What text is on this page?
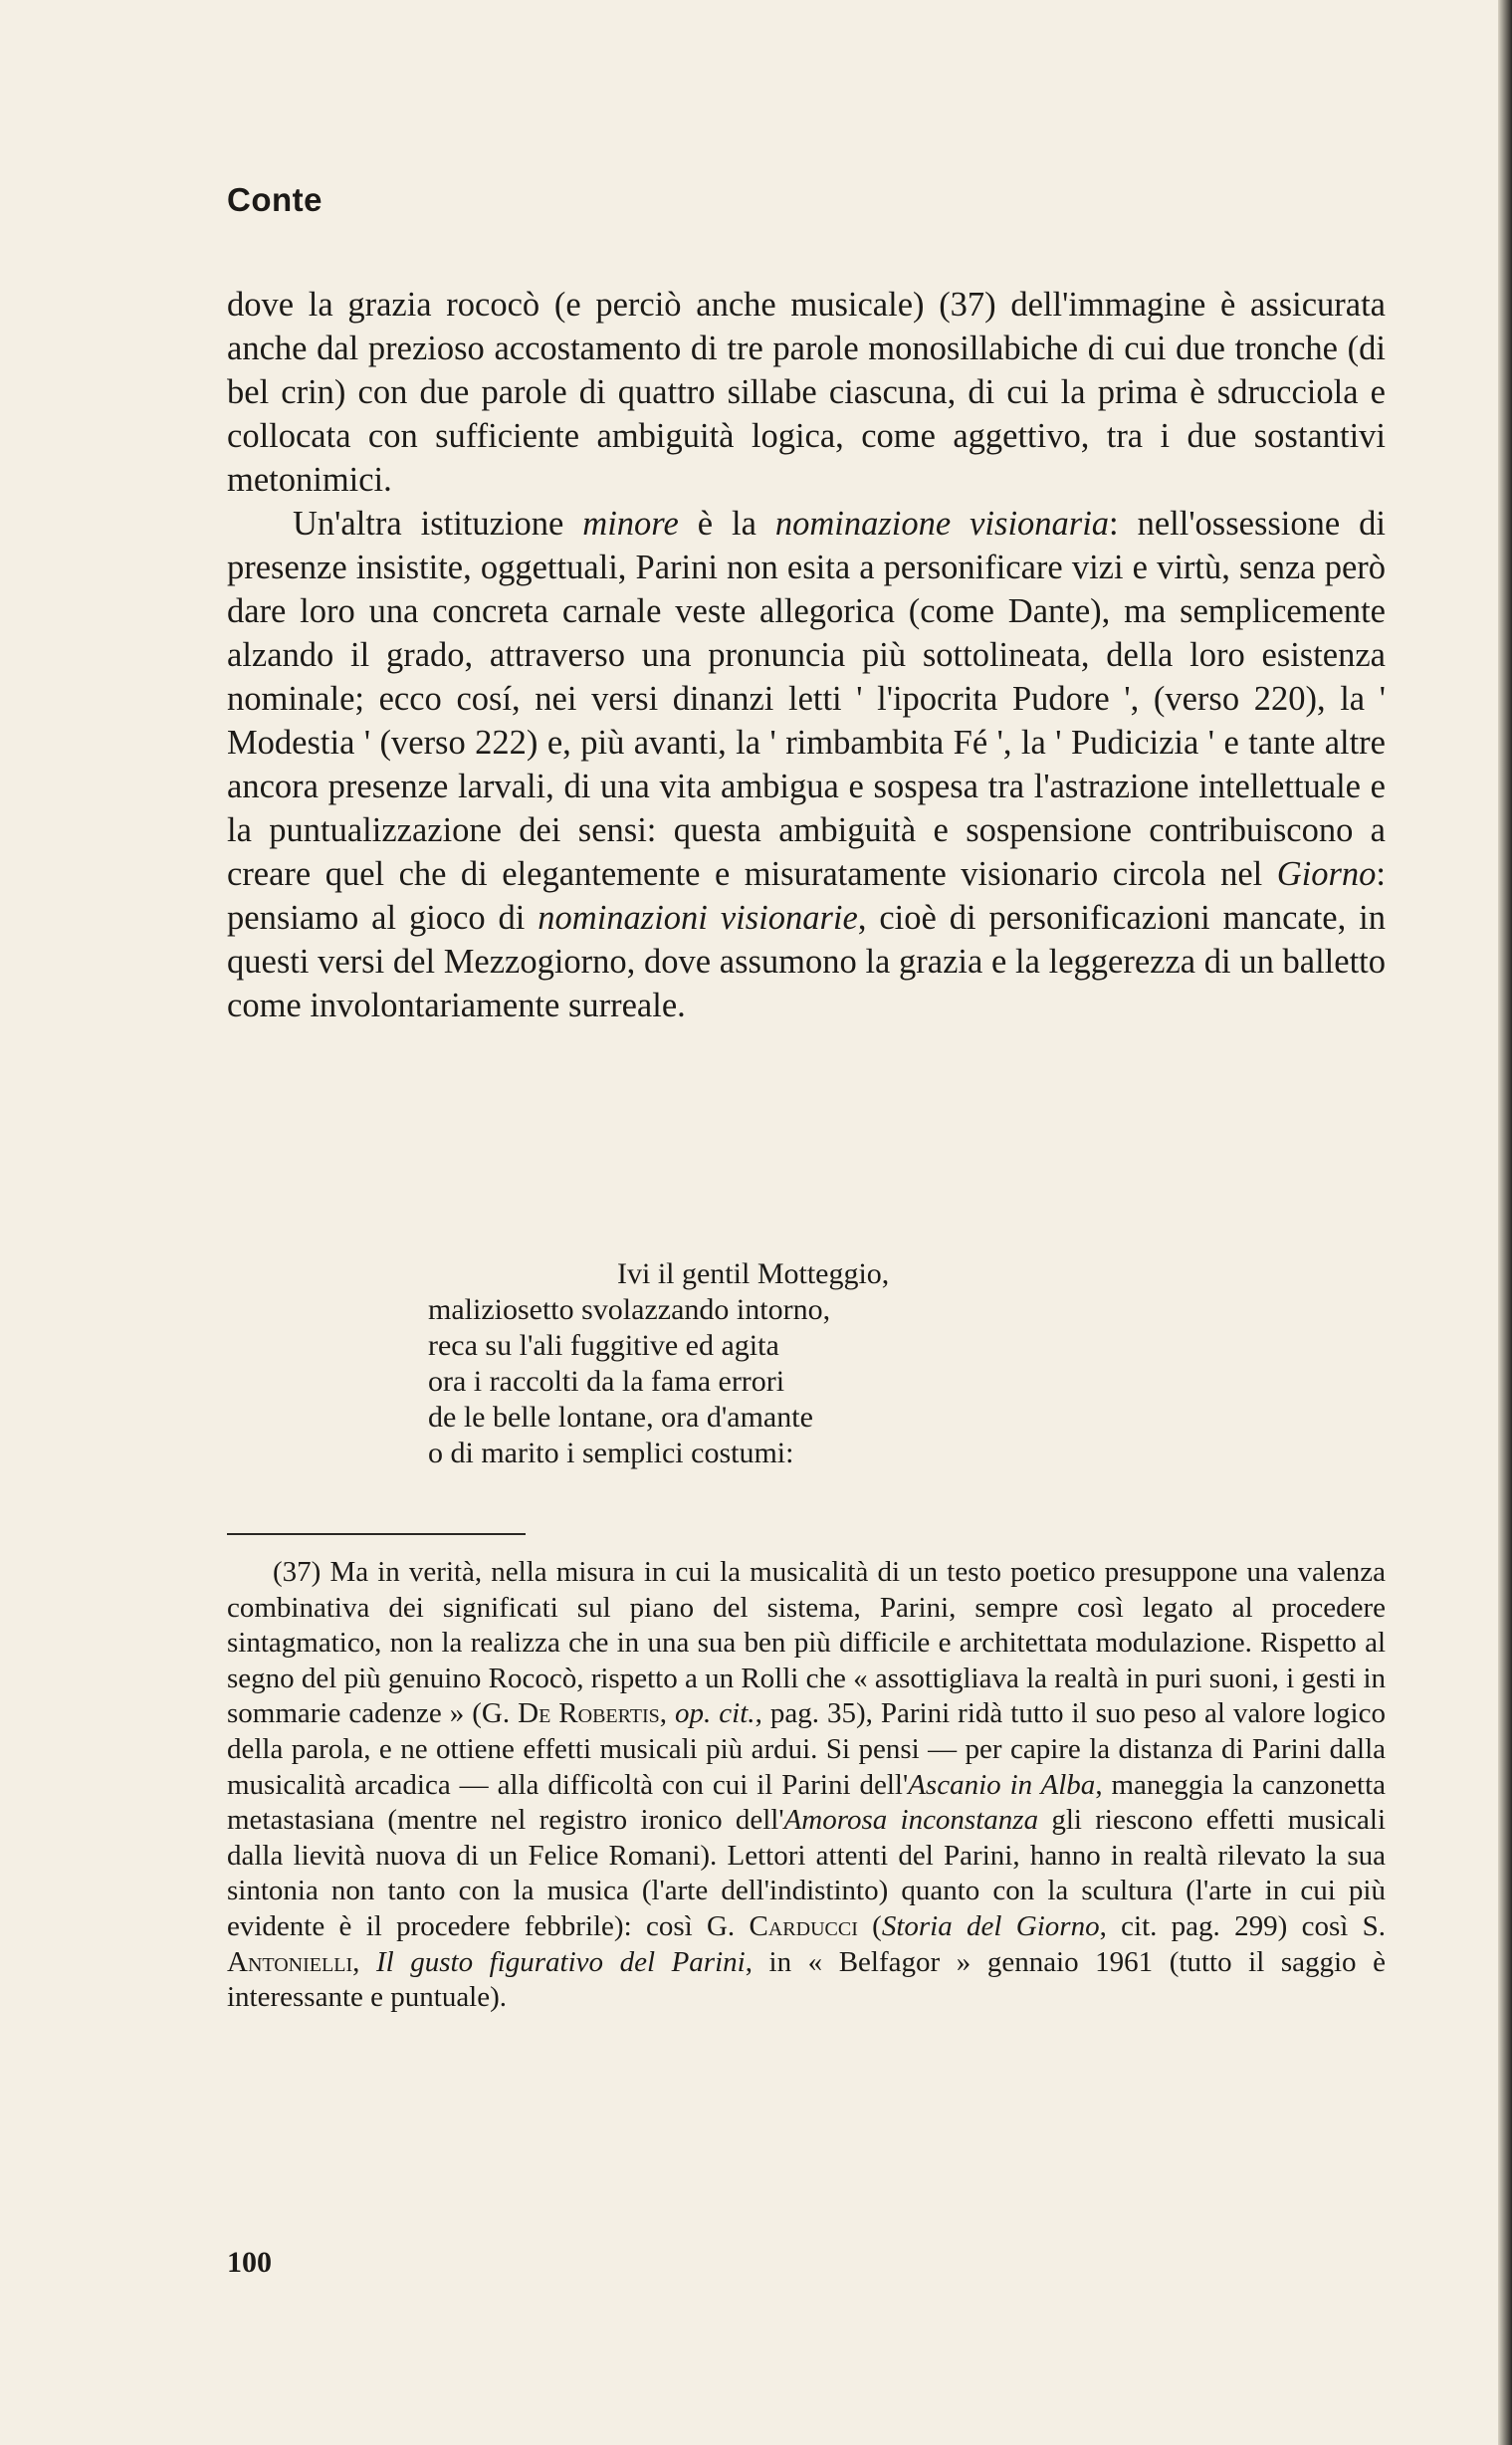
Conte

dove la grazia rococò (e perciò anche musicale) (37) dell'immagine è assicurata anche dal prezioso accostamento di tre parole monosillabiche di cui due tronche (di bel crin) con due parole di quattro sillabe ciascuna, di cui la prima è sdrucciola e collocata con sufficiente ambiguità logica, come aggettivo, tra i due sostantivi metonimici.

Un'altra istituzione minore è la nominazione visionaria: nell'ossessione di presenze insistite, oggettuali, Parini non esita a personificare vizi e virtù, senza però dare loro una concreta carnale veste allegorica (come Dante), ma semplicemente alzando il grado, attraverso una pronuncia più sottolineata, della loro esistenza nominale; ecco cosí, nei versi dinanzi letti ' l'ipocrita Pudore ', (verso 220), la ' Modestia ' (verso 222) e, più avanti, la ' rimbambita Fé ', la ' Pudicizia ' e tante altre ancora presenze larvali, di una vita ambigua e sospesa tra l'astrazione intellettuale e la puntualizzazione dei sensi: questa ambiguità e sospensione contribuiscono a creare quel che di elegantemente e misuratamente visionario circola nel Giorno: pensiamo al gioco di nominazioni visionarie, cioè di personificazioni mancate, in questi versi del Mezzogiorno, dove assumono la grazia e la leggerezza di un balletto come involontariamente surreale.

Ivi il gentil Motteggio,
maliziosetto svolazzando intorno,
reca su l'ali fuggitive ed agita
ora i raccolti da la fama errori
de le belle lontane, ora d'amante
o di marito i semplici costumi:

(37) Ma in verità, nella misura in cui la musicalità di un testo poetico presuppone una valenza combinativa dei significati sul piano del sistema, Parini, sempre così legato al procedere sintagmatico, non la realizza che in una sua ben più difficile e architettata modulazione. Rispetto al segno del più genuino Rococò, rispetto a un Rolli che « assottigliava la realtà in puri suoni, i gesti in sommarie cadenze » (G. De Robertis, op. cit., pag. 35), Parini ridà tutto il suo peso al valore logico della parola, e ne ottiene effetti musicali più ardui. Si pensi — per capire la distanza di Parini dalla musicalità arcadica — alla difficoltà con cui il Parini dell'Ascanio in Alba, maneggia la canzonetta metastasiana (mentre nel registro ironico dell'Amorosa inconstanza gli riescono effetti musicali dalla lievità nuova di un Felice Romani). Lettori attenti del Parini, hanno in realtà rilevato la sua sintonia non tanto con la musica (l'arte dell'indistinto) quanto con la scultura (l'arte in cui più evidente è il procedere febbrile): così G. Carducci (Storia del Giorno, cit. pag. 299) così S. Antonielli, Il gusto figurativo del Parini, in « Belfagor » gennaio 1961 (tutto il saggio è interessante e puntuale).

100
